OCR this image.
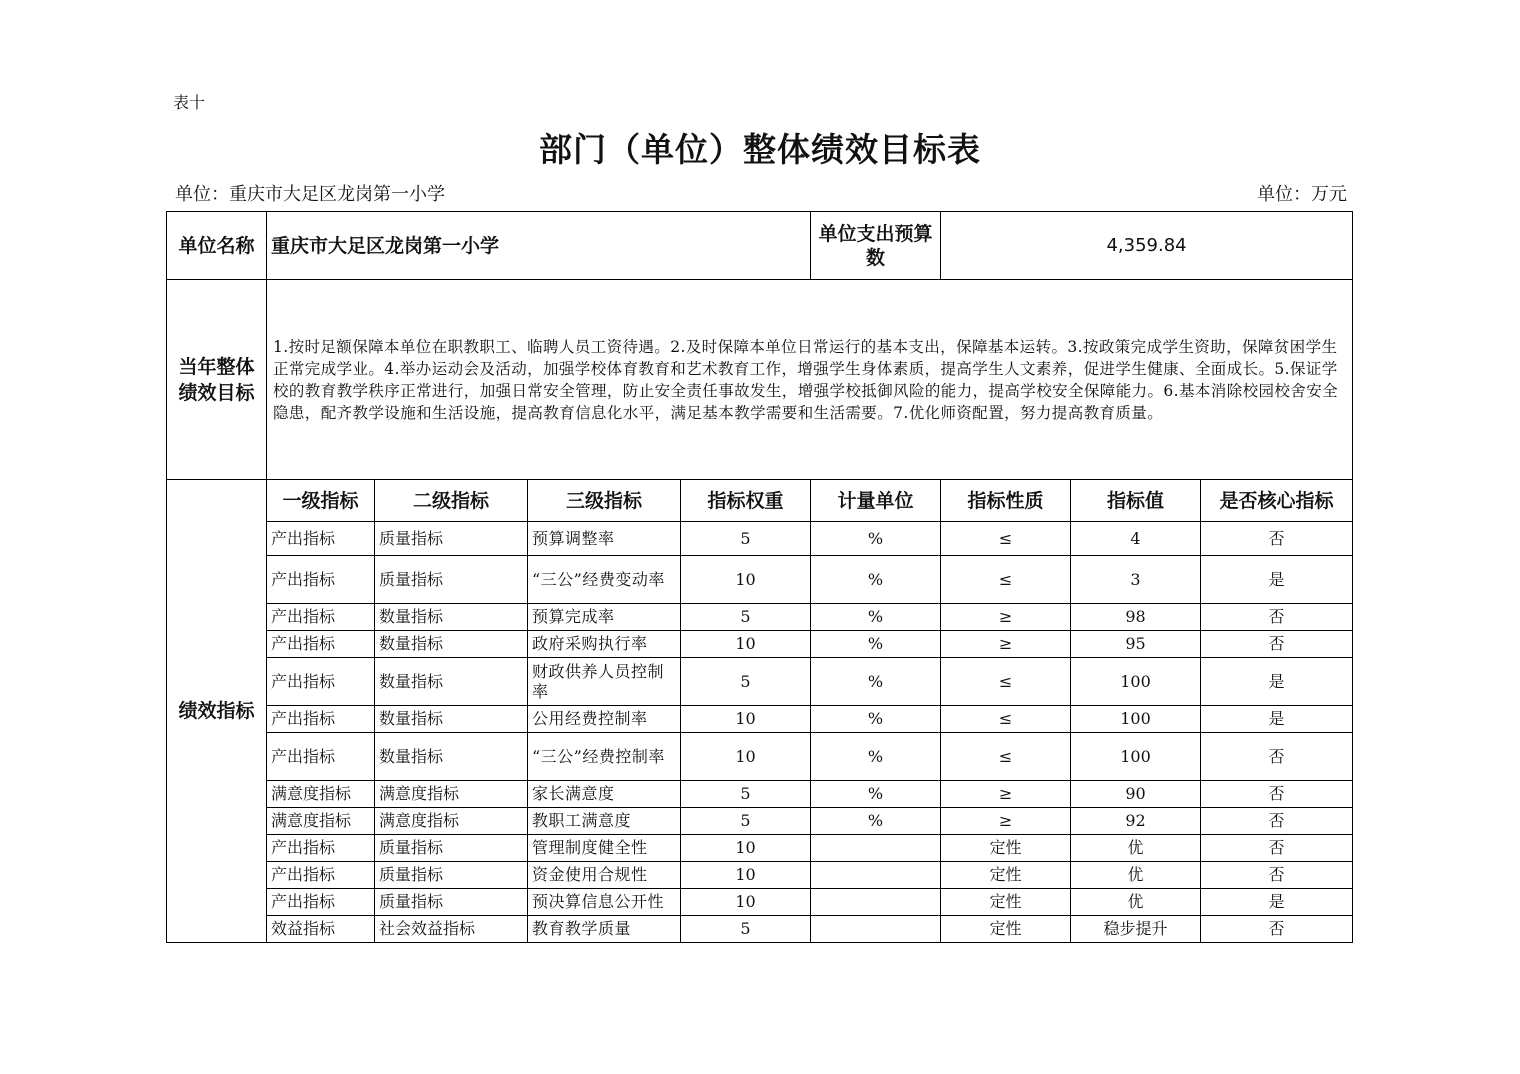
表十
部门（单位）整体绩效目标表
单位：重庆市大足区龙岗第一小学	单位：万元
单位名称	重庆市大足区龙岗第一小学				单位支出预算数	4,359.84		
当年整体绩效目标	1.按时足额保障本单位在职教职工、临聘人员工资待遇。2.及时保障本单位日常运行的基本支出，保障基本运转。3.按政策完成学生资助，保障贫困学生正常完成学业。4.举办运动会及活动，加强学校体育教育和艺术教育工作，增强学生身体素质，提高学生人文素养，促进学生健康、全面成长。5.保证学校的教育教学秩序正常进行，加强日常安全管理，防止安全责任事故发生，增强学校抵御风险的能力，提高学校安全保障能力。6.基本消除校园校舍安全隐患，配齐教学设施和生活设施，提高教育信息化水平，满足基本教学需要和生活需要。7.优化师资配置，努力提高教育质量。							
绩效指标	一级指标	二级指标	三级指标	指标权重	计量单位	指标性质	指标值	是否核心指标
	产出指标	质量指标	预算调整率	5	%	≤	4	否
	产出指标	质量指标	“三公”经费变动率	10	%	≤	3	是
	产出指标	数量指标	预算完成率	5	%	≥	98	否
	产出指标	数量指标	政府采购执行率	10	%	≥	95	否
	产出指标	数量指标	财政供养人员控制率	5	%	≤	100	是
	产出指标	数量指标	公用经费控制率	10	%	≤	100	是
	产出指标	数量指标	“三公”经费控制率	10	%	≤	100	否
	满意度指标	满意度指标	家长满意度	5	%	≥	90	否
	满意度指标	满意度指标	教职工满意度	5	%	≥	92	否
	产出指标	质量指标	管理制度健全性	10		定性	优	否
	产出指标	质量指标	资金使用合规性	10		定性	优	否
	产出指标	质量指标	预决算信息公开性	10		定性	优	是
	效益指标	社会效益指标	教育教学质量	5		定性	稳步提升	否
